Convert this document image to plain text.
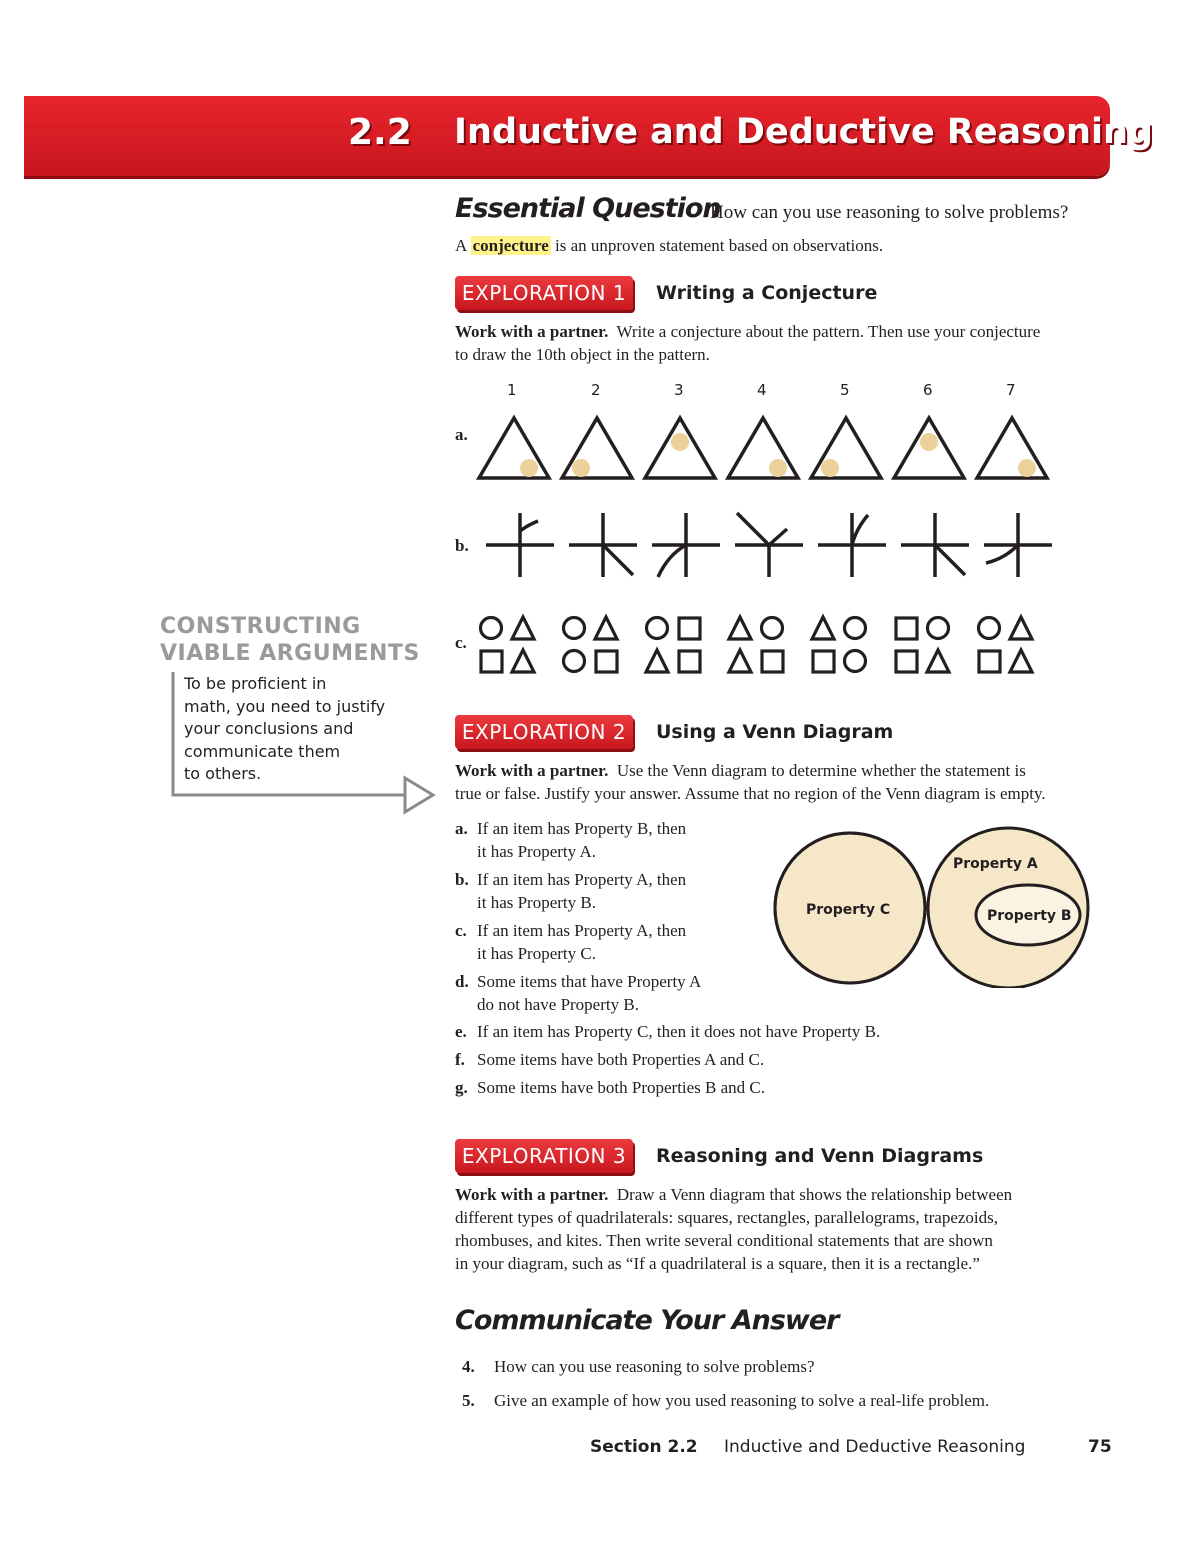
2.2 Inductive and Deductive Reasoning
Essential Question
How can you use reasoning to solve problems?
A conjecture is an unproven statement based on observations.
EXPLORATION 1	Writing a Conjecture
Work with a partner. Write a conjecture about the pattern. Then use your conjecture
to draw the 10th object in the pattern.
1	2	3	4	5	6	7
a.
b.
c.
CONSTRUCTING
VIABLE ARGUMENTS
To be proficient in
math, you need to justify
your conclusions and
communicate them
to others.
EXPLORATION 2	Using a Venn Diagram
Work with a partner. Use the Venn diagram to determine whether the statement is
true or false. Justify your answer. Assume that no region of the Venn diagram is empty.
a. If an item has Property B, then
it has Property A.
b. If an item has Property A, then
it has Property B.
c. If an item has Property A, then
it has Property C.
d. Some items that have Property A
do not have Property B.
e. If an item has Property C, then it does not have Property B.
f. Some items have both Properties A and C.
g. Some items have both Properties B and C.
Property C
Property A
Property B
EXPLORATION 3	Reasoning and Venn Diagrams
Work with a partner. Draw a Venn diagram that shows the relationship between
different types of quadrilaterals: squares, rectangles, parallelograms, trapezoids,
rhombuses, and kites. Then write several conditional statements that are shown
in your diagram, such as “If a quadrilateral is a square, then it is a rectangle.”
Communicate Your Answer
4. How can you use reasoning to solve problems?
5. Give an example of how you used reasoning to solve a real-life problem.
Section 2.2 Inductive and Deductive Reasoning	75
